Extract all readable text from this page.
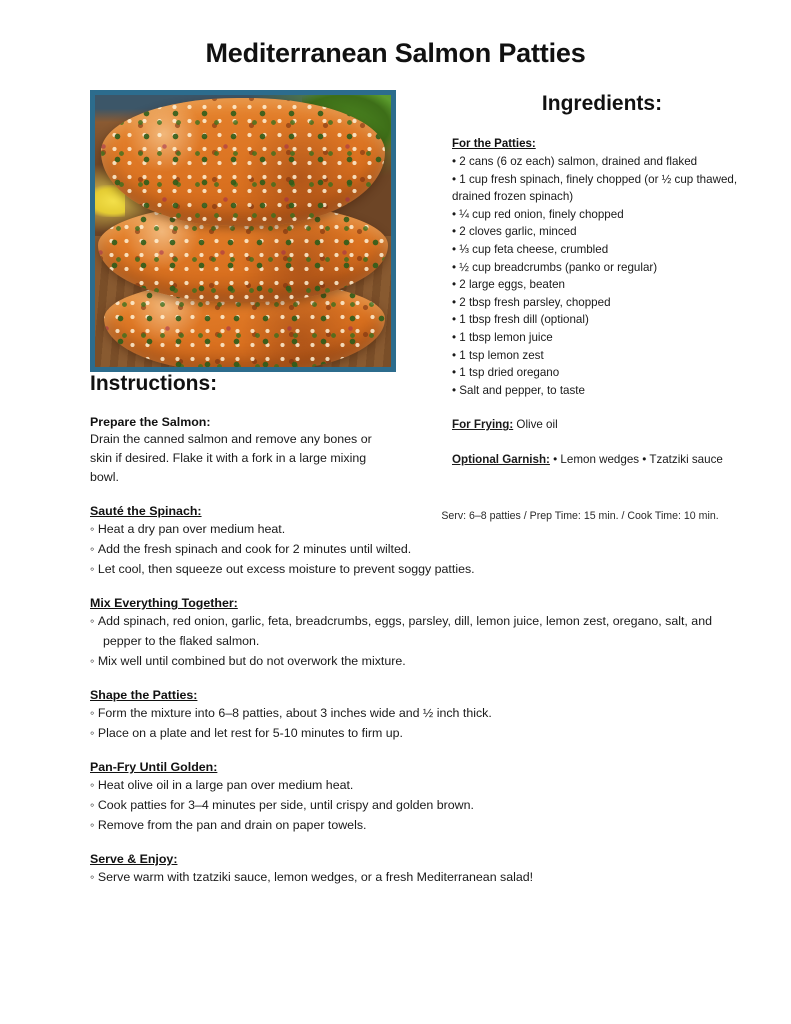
Mediterranean Salmon Patties
Ingredients:
For the Patties:
• 2 cans (6 oz each) salmon, drained and flaked
• 1 cup fresh spinach, finely chopped (or ½ cup thawed, drained frozen spinach)
• ¼ cup red onion, finely chopped
• 2 cloves garlic, minced
• ⅓ cup feta cheese, crumbled
• ½ cup breadcrumbs (panko or regular)
• 2 large eggs, beaten
• 2 tbsp fresh parsley, chopped
• 1 tbsp fresh dill (optional)
• 1 tbsp lemon juice
• 1 tsp lemon zest
• 1 tsp dried oregano
• Salt and pepper, to taste
For Frying: Olive oil
Optional Garnish: • Lemon wedges • Tzatziki sauce
Serv: 6–8 patties / Prep Time: 15 min. / Cook Time: 10 min.
Instructions:
Prepare the Salmon:
Drain the canned salmon and remove any bones or skin if desired. Flake it with a fork in a large mixing bowl.
Sauté the Spinach:
◦ Heat a dry pan over medium heat.
◦ Add the fresh spinach and cook for 2 minutes until wilted.
◦ Let cool, then squeeze out excess moisture to prevent soggy patties.
Mix Everything Together:
◦ Add spinach, red onion, garlic, feta, breadcrumbs, eggs, parsley, dill, lemon juice, lemon zest, oregano, salt, and pepper to the flaked salmon.
◦ Mix well until combined but do not overwork the mixture.
Shape the Patties:
◦ Form the mixture into 6–8 patties, about 3 inches wide and ½ inch thick.
◦ Place on a plate and let rest for 5-10 minutes to firm up.
Pan-Fry Until Golden:
◦ Heat olive oil in a large pan over medium heat.
◦ Cook patties for 3–4 minutes per side, until crispy and golden brown.
◦ Remove from the pan and drain on paper towels.
Serve & Enjoy:
◦ Serve warm with tzatziki sauce, lemon wedges, or a fresh Mediterranean salad!
